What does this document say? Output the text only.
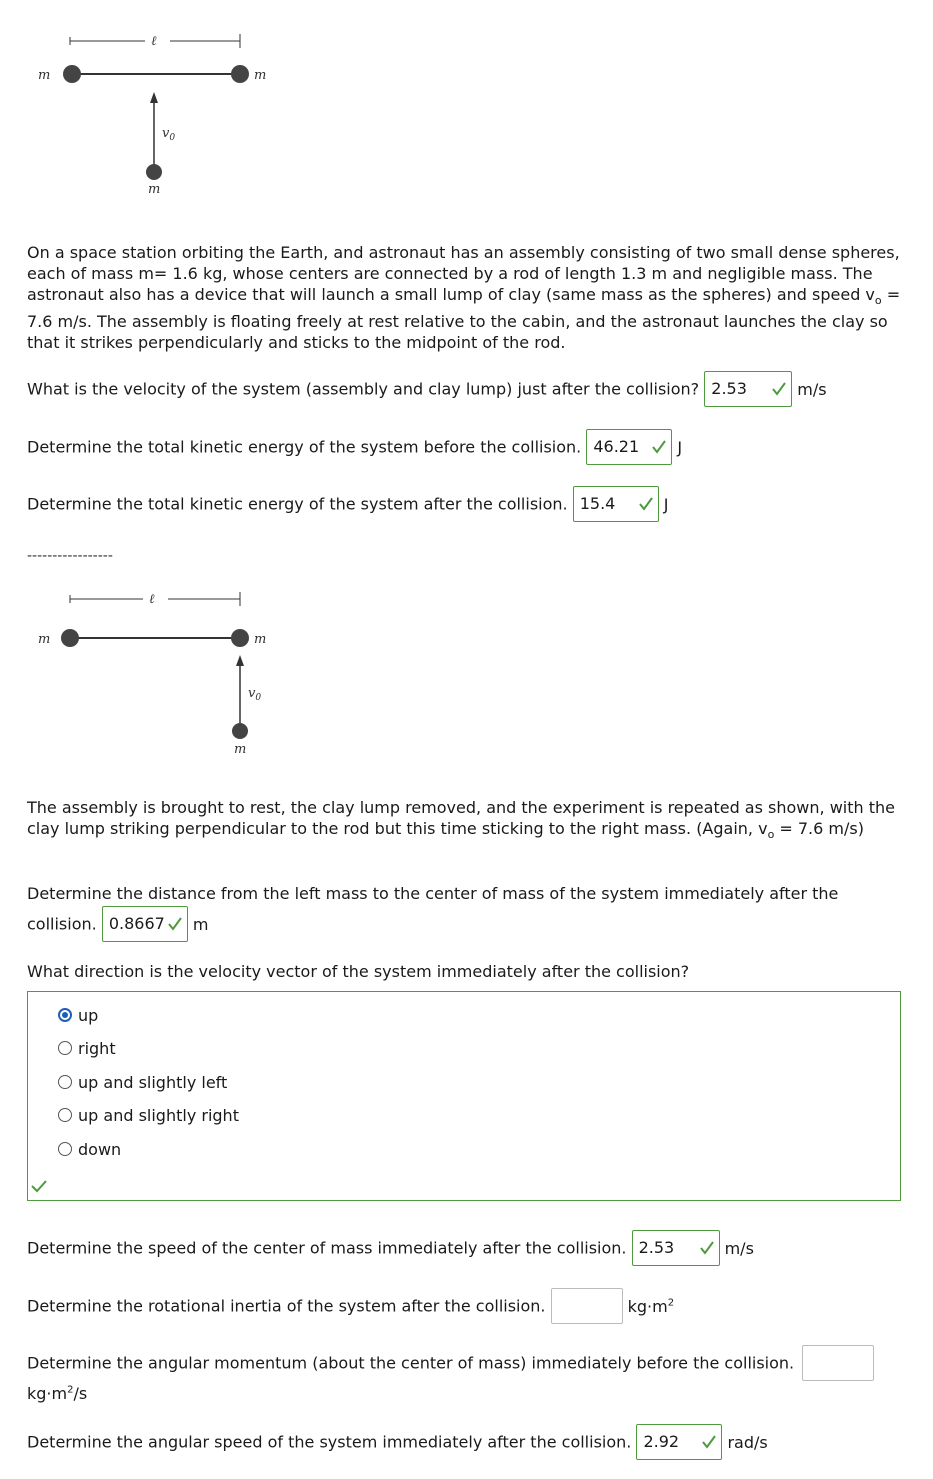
ℓ
m	m
$v_0$
m
On a space station orbiting the Earth, and astronaut has an assembly consisting of two small dense spheres, each of mass m= 1.6 kg, whose centers are connected by a rod of length 1.3 m and negligible mass. The astronaut also has a device that will launch a small lump of clay (same mass as the spheres) and speed $v_o = 7.6$ m/s. The assembly is floating freely at rest relative to the cabin, and the astronaut launches the clay so that it strikes perpendicularly and sticks to the midpoint of the rod.
What is the velocity of the system (assembly and clay lump) just after the collision? 2.53	m/s
Determine the total kinetic energy of the system before the collision. 46.21 J
Determine the total kinetic energy of the system after the collision. 15.4	J
-----------------
ℓ
m	m
$v_0$
m
The assembly is brought to rest, the clay lump removed, and the experiment is repeated as shown, with the clay lump striking perpendicular to the rod but this time sticking to the right mass. (Again, $v_o = 7.6$ m/s)
Determine the distance from the left mass to the center of mass of the system immediately after the
collision. 0.8667 m
What direction is the velocity vector of the system immediately after the collision?
up
right
up and slightly left
up and slightly right
down
Determine the speed of the center of mass immediately after the collision. 2.53	m/s
Determine the rotational inertia of the system after the collision.	$kg\cdot m^2$
Determine the angular momentum (about the center of mass) immediately before the collision.
$kg\cdot m^2/s$
Determine the angular speed of the system immediately after the collision. 2.92	rad/s
